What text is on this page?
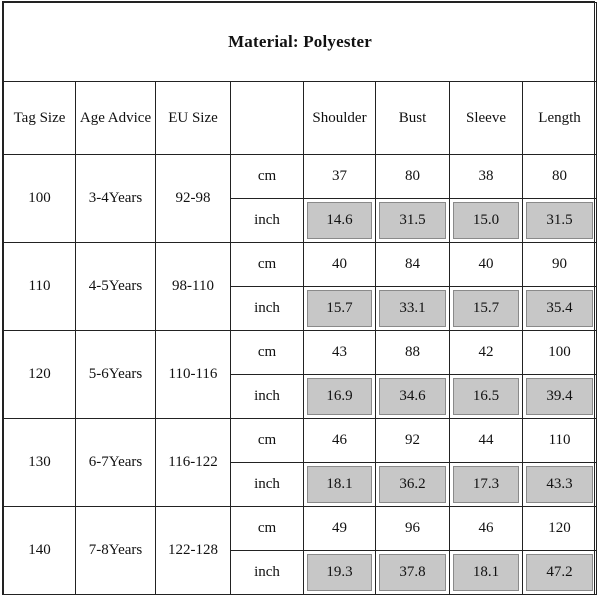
Material: Polyester							
Tag Size	Age Advice	EU Size		Shoulder	Bust	Sleeve	Length
100	3-4Years	92-98	cm	37	80	38	80
			inch	14.6	31.5	15.0	31.5

110	4-5Years	98-110	cm	40	84	40	90
			inch	15.7	33.1	15.7	35.4

120	5-6Years	110-116	cm	43	88	42	100
			inch	16.9	34.6	16.5	39.4

130	6-7Years	116-122	cm	46	92	44	110
			inch	18.1	36.2	17.3	43.3

140	7-8Years	122-128	cm	49	96	46	120
			inch	19.3	37.8	18.1	47.2
